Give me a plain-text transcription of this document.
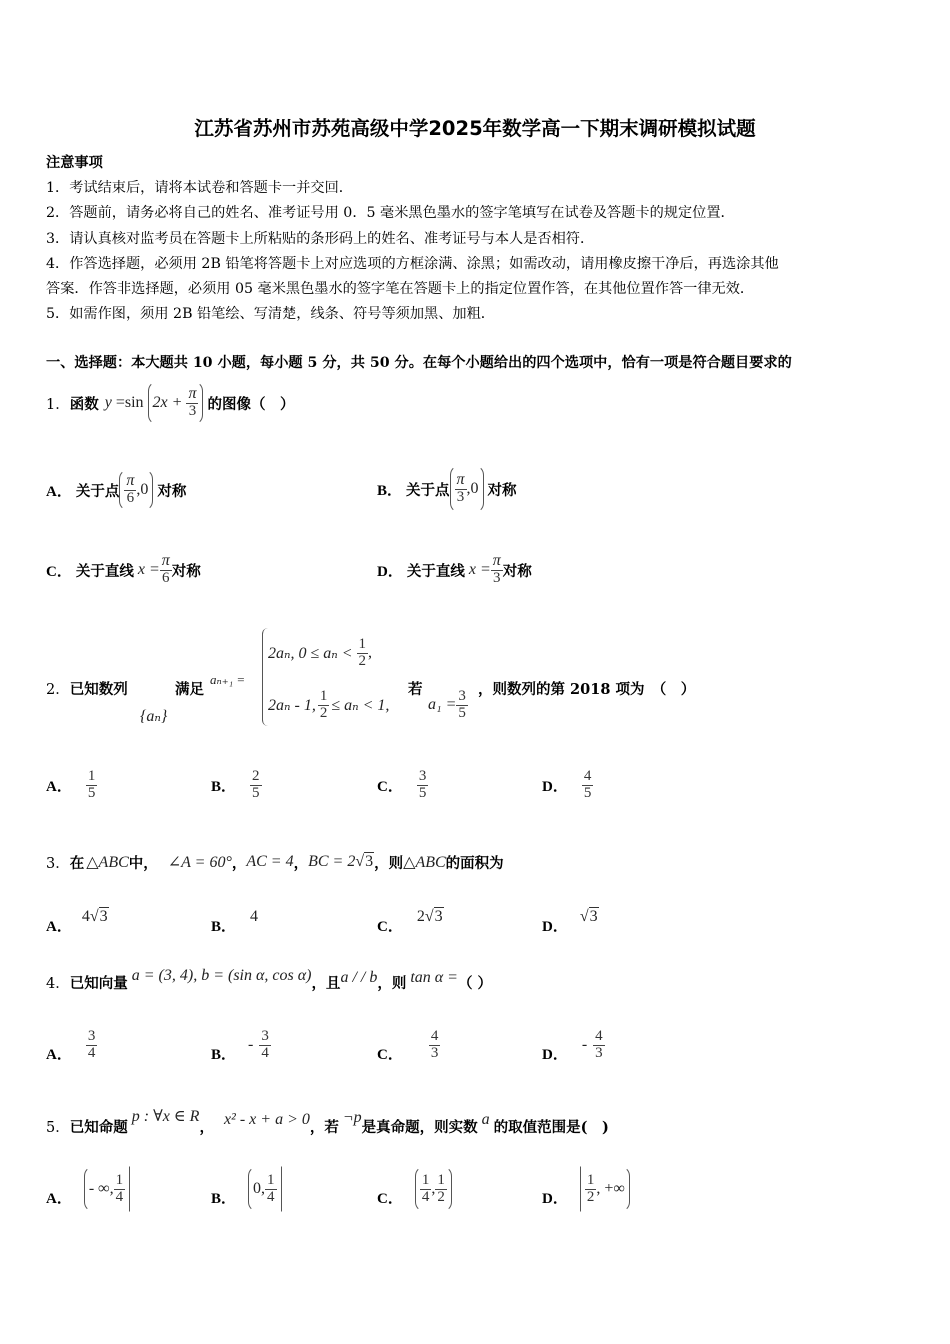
江苏省苏州市苏苑高级中学2025年数学高一下期末调研模拟试题
注意事项
1．考试结束后，请将本试卷和答题卡一并交回．
2．答题前，请务必将自己的姓名、准考证号用 0．5 毫米黑色墨水的签字笔填写在试卷及答题卡的规定位置．
3．请认真核对监考员在答题卡上所粘贴的条形码上的姓名、准考证号与本人是否相符．
4．作答选择题，必须用 2B 铅笔将答题卡上对应选项的方框涂满、涂黑；如需改动，请用橡皮擦干净后，再选涂其他
答案．作答非选择题，必须用 05 毫米黑色墨水的签字笔在答题卡上的指定位置作答，在其他位置作答一律无效．
5．如需作图，须用 2B 铅笔绘、写清楚，线条、符号等须加黑、加粗．
一、选择题：本大题共 10 小题，每小题 5 分，共 50 分。在每个小题给出的四个选项中，恰有一项是符合题目要求的
1． 函数 y =sin $2x + \frac{\pi}{3}$ 的图像（　）
A． 关于点 $\frac{\pi}{6} ,0$ 对称	B． 关于点 $\frac{\pi}{3} ,0$ 对称
C． 关于直线 $x = \frac{\pi}{6}$ 对称	D． 关于直线 $x = \frac{\pi}{3}$ 对称
2．已知数列
{aₙ}
满足
aₙ₊₁ =
2aₙ, $0 \le a_n < \frac{1}{2}$ ,
2aₙ - 1, $\frac{1}{2} \le a_n < 1$,
若
$a_1 = \frac{3}{5}$ ，则数列的第 2018 项为　（　）
A． $\frac{1}{5}$	B． $\frac{2}{5}$	C． $\frac{3}{5}$	D． $\frac{4}{5}$
3． 在 △ABC 中， ∠A = 60° ， AC = 4 ， BC = 2 √3 ，则 △ABC 的面积为
A．
4 √3
B．
4
C．
2 √3
D．
√3
4． 已知向量 a = (3, 4), b = (sin α, cos α) ，且 a / / b ，则 tan α = （ ）
A． $\frac{3}{4}$	B．
- $\frac{3}{4}$	C． $\frac{4}{3}$	D．
- $\frac{4}{3}$
5． 已知命题
p : ∀x ∈ R
， x² - x + a > 0 ，若
¬p
是真命题，则实数 a 的取值范围是(　)
A．
- ∞, $\frac{1}{4}$	B．
0, $\frac{1}{4}$	C． $\frac{1}{4}$ , $\frac{1}{2}$	D． $\frac{1}{2}$ , +∞
